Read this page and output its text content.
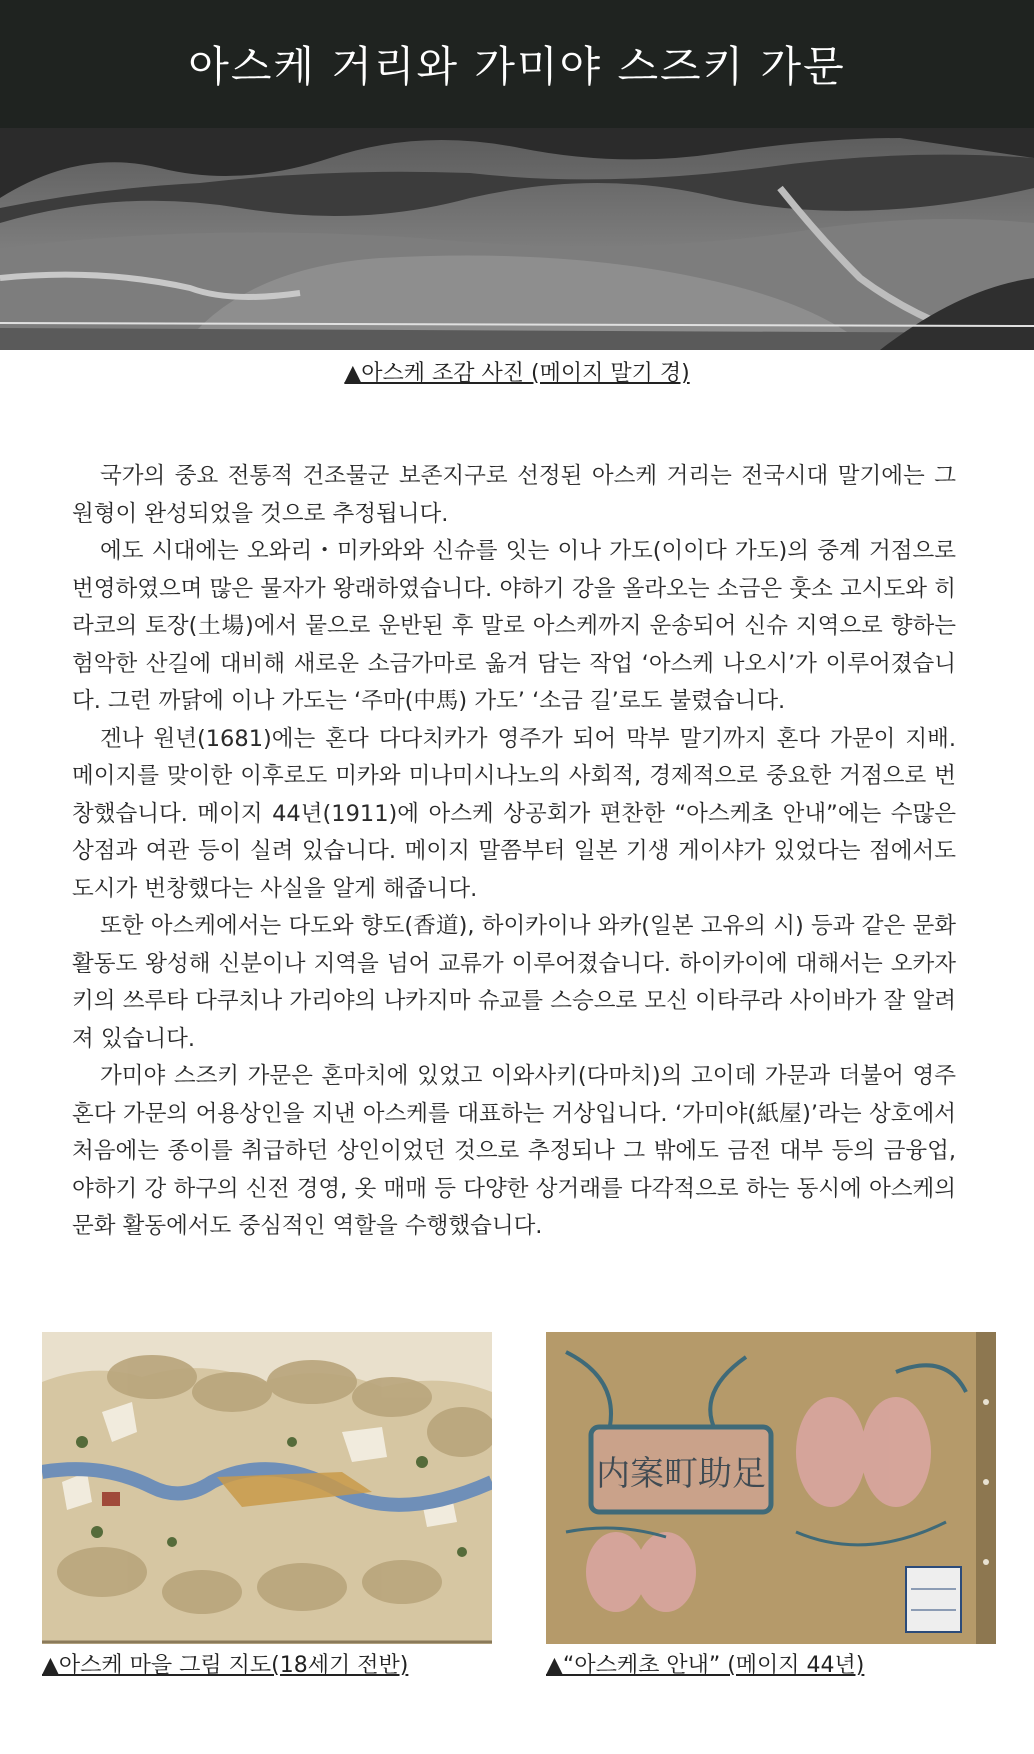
아스케 거리와 가미야 스즈키 가문
▲아스케 조감 사진 (메이지 말기 경)

국가의 중요 전통적 건조물군 보존지구로 선정된 아스케 거리는 전국시대 말기에는 그 원형이 완성되었을 것으로 추정됩니다.

에도 시대에는 오와리・미카와와 신슈를 잇는 이나 가도(이이다 가도)의 중계 거점으로 번영하였으며 많은 물자가 왕래하였습니다. 야하기 강을 올라오는 소금은 훗소 고시도와 히라코의 토장(土場)에서 뭍으로 운반된 후 말로 아스케까지 운송되어 신슈 지역으로 향하는 험악한 산길에 대비해 새로운 소금가마로 옮겨 담는 작업 ‘아스케 나오시’가 이루어졌습니다. 그런 까닭에 이나 가도는 ‘주마(中馬) 가도’ ‘소금 길’로도 불렸습니다.

겐나 원년(1681)에는 혼다 다다치카가 영주가 되어 막부 말기까지 혼다 가문이 지배. 메이지를 맞이한 이후로도 미카와 미나미시나노의 사회적, 경제적으로 중요한 거점으로 번창했습니다. 메이지 44년(1911)에 아스케 상공회가 편찬한 “아스케초 안내”에는 수많은 상점과 여관 등이 실려 있습니다. 메이지 말쯤부터 일본 기생 게이샤가 있었다는 점에서도 도시가 번창했다는 사실을 알게 해줍니다.

또한 아스케에서는 다도와 향도(香道), 하이카이나 와카(일본 고유의 시) 등과 같은 문화 활동도 왕성해 신분이나 지역을 넘어 교류가 이루어졌습니다. 하이카이에 대해서는 오카자키의 쓰루타 다쿠치나 가리야의 나카지마 슈교를 스승으로 모신 이타쿠라 사이바가 잘 알려져 있습니다.

가미야 스즈키 가문은 혼마치에 있었고 이와사키(다마치)의 고이데 가문과 더불어 영주 혼다 가문의 어용상인을 지낸 아스케를 대표하는 거상입니다. ‘가미야(紙屋)’라는 상호에서 처음에는 종이를 취급하던 상인이었던 것으로 추정되나 그 밖에도 금전 대부 등의 금융업, 야하기 강 하구의 신전 경영, 옷 매매 등 다양한 상거래를 다각적으로 하는 동시에 아스케의 문화 활동에서도 중심적인 역할을 수행했습니다.

▲아스케 마을 그림 지도(18세기 전반)
内案町助足
▲“아스케초 안내” (메이지 44년)
